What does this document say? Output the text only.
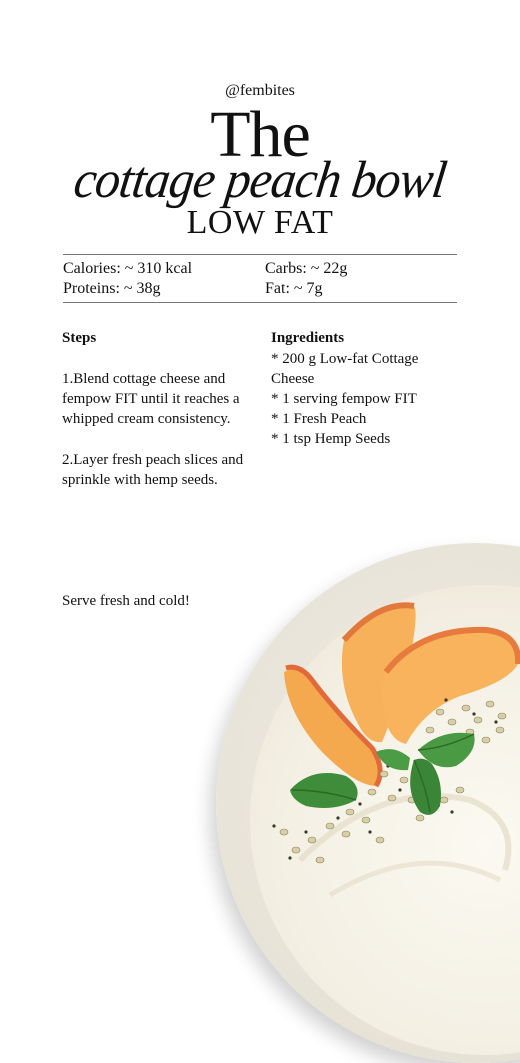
@fembites
The
cottage peach bowl
LOW FAT
Calories: ~ 310 kcal
Proteins: ~ 38g
Carbs: ~ 22g
Fat: ~ 7g
Steps
1.Blend cottage cheese and fempow FIT until it reaches a whipped cream consistency.
2.Layer fresh peach slices and sprinkle with hemp seeds.
Serve fresh and cold!
Ingredients
* 200 g Low-fat Cottage Cheese
* 1 serving fempow FIT
* 1 Fresh Peach
* 1 tsp Hemp Seeds
